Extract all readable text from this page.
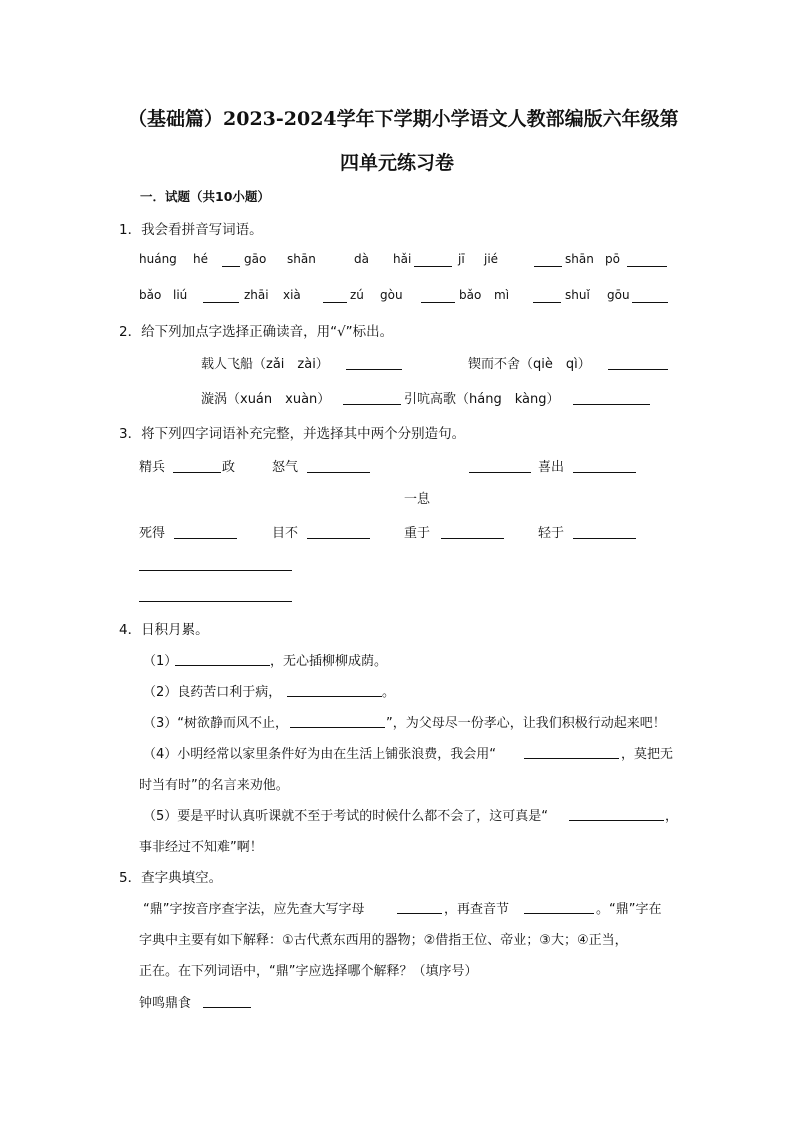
（基础篇）2023-2024学年下学期小学语文人教部编版六年级第
四单元练习卷
一．试题（共10小题）
1．我会看拼音写词语。
huáng hé	gāo shān	dà hǎi	jī jié	shān pō
bǎo liú	zhāi xià	zú gòu	bǎo mì	shuǐ gōu
2．给下列加点字选择正确读音，用“√”标出。
载人飞船（zǎi　zài）	锲而不舍（qiè　qì）
漩涡（xuán　xuàn）	引吭高歌（háng　kàng）
3．将下列四字词语补充完整，并选择其中两个分别造句。
精兵	政	怒气	喜出
一息
死得	目不	重于	轻于
4．日积月累。
（1）	，无心插柳柳成荫。
（2）良药苦口利于病，	。
（3）“树欲静而风不止，	”，为父母尽一份孝心，让我们积极行动起来吧！
（4）小明经常以家里条件好为由在生活上铺张浪费，我会用“	，莫把无
时当有时”的名言来劝他。
（5）要是平时认真听课就不至于考试的时候什么都不会了，这可真是“	，
事非经过不知难”啊！
5．查字典填空。
“鼎”字按音序查字法，应先查大写字母	，再查音节	。“鼎”字在
字典中主要有如下解释：①古代煮东西用的器物；②借指王位、帝业；③大；④正当，
正在。在下列词语中，“鼎”字应选择哪个解释？（填序号）
钟鸣鼎食
